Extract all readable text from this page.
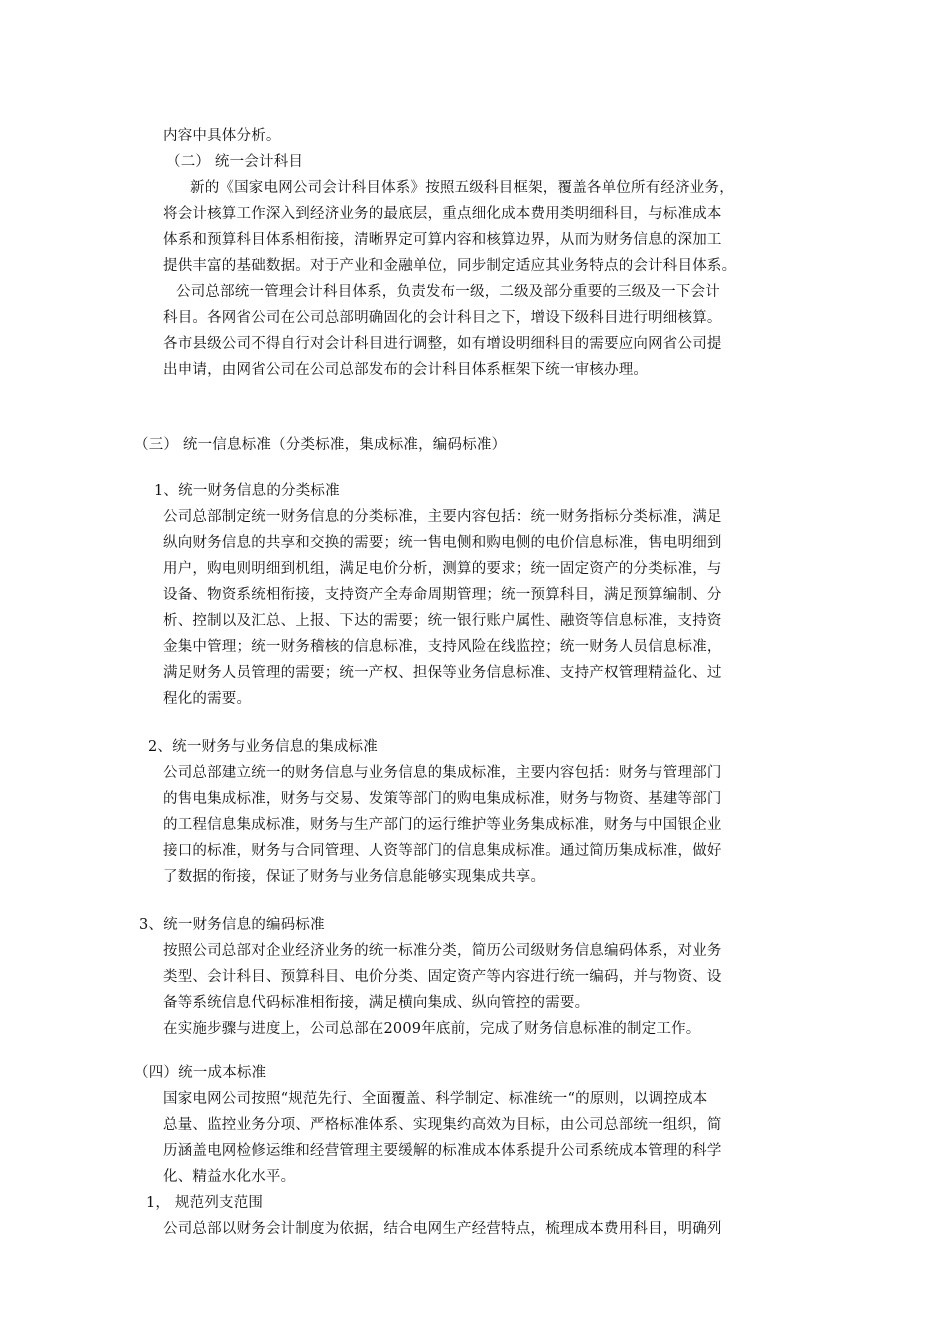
内容中具体分析。
（二） 统一会计科目
新的《国家电网公司会计科目体系》按照五级科目框架，覆盖各单位所有经济业务，
将会计核算工作深入到经济业务的最底层，重点细化成本费用类明细科目，与标准成本
体系和预算科目体系相衔接，清晰界定可算内容和核算边界，从而为财务信息的深加工
提供丰富的基础数据。对于产业和金融单位，同步制定适应其业务特点的会计科目体系。
公司总部统一管理会计科目体系，负责发布一级，二级及部分重要的三级及一下会计
科目。各网省公司在公司总部明确固化的会计科目之下，增设下级科目进行明细核算。
各市县级公司不得自行对会计科目进行调整，如有增设明细科目的需要应向网省公司提
出申请，由网省公司在公司总部发布的会计科目体系框架下统一审核办理。
（三） 统一信息标准（分类标准，集成标准，编码标准）
1、统一财务信息的分类标准
公司总部制定统一财务信息的分类标准，主要内容包括：统一财务指标分类标准，满足
纵向财务信息的共享和交换的需要；统一售电侧和购电侧的电价信息标准，售电明细到
用户，购电则明细到机组，满足电价分析，测算的要求；统一固定资产的分类标准，与
设备、物资系统相衔接，支持资产全寿命周期管理；统一预算科目，满足预算编制、分
析、控制以及汇总、上报、下达的需要；统一银行账户属性、融资等信息标准，支持资
金集中管理；统一财务稽核的信息标准，支持风险在线监控；统一财务人员信息标准，
满足财务人员管理的需要；统一产权、担保等业务信息标准、支持产权管理精益化、过
程化的需要。
2、统一财务与业务信息的集成标准
公司总部建立统一的财务信息与业务信息的集成标准，主要内容包括：财务与管理部门
的售电集成标准，财务与交易、发策等部门的购电集成标准，财务与物资、基建等部门
的工程信息集成标准，财务与生产部门的运行维护等业务集成标准，财务与中国银企业
接口的标准，财务与合同管理、人资等部门的信息集成标准。通过简历集成标准，做好
了数据的衔接，保证了财务与业务信息能够实现集成共享。
3、统一财务信息的编码标准
按照公司总部对企业经济业务的统一标准分类，简历公司级财务信息编码体系，对业务
类型、会计科目、预算科目、电价分类、固定资产等内容进行统一编码，并与物资、设
备等系统信息代码标准相衔接，满足横向集成、纵向管控的需要。
在实施步骤与进度上，公司总部在2009年底前，完成了财务信息标准的制定工作。
（四）统一成本标准
国家电网公司按照“规范先行、全面覆盖、科学制定、标准统一“的原则，以调控成本
总量、监控业务分项、严格标准体系、实现集约高效为目标，由公司总部统一组织，简
历涵盖电网检修运维和经营管理主要缓解的标准成本体系提升公司系统成本管理的科学
化、精益水化水平。
1， 规范列支范围
公司总部以财务会计制度为依据，结合电网生产经营特点，梳理成本费用科目，明确列
